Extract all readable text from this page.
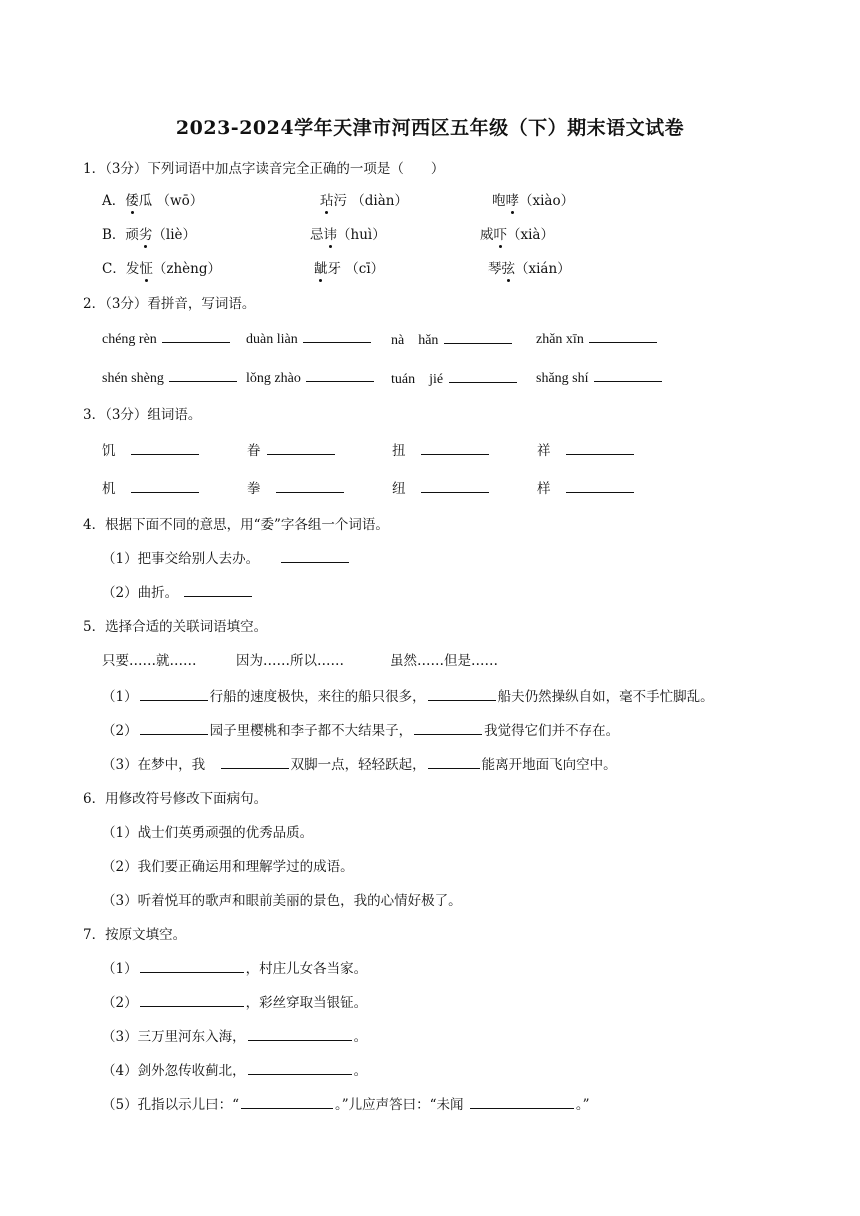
2023-2024学年天津市河西区五年级（下）期末语文试卷
1．（3分）下列词语中加点字读音完全正确的一项是（　　）
A．倭瓜 （wō）	玷污 （diàn）	咆哮（xiào）
B．顽劣（liè）	忌讳（huì）	威吓（xià）
C．发怔（zhèng）	龇牙 （cī）	琴弦（xián）
2．（3分）看拼音，写词语。
chéng rèn	duàn liàn	nà　hǎn	zhǎn xīn
shén shèng	lǒng zhào	tuán　jié	shǎng shí
3．（3分）组词语。
饥　	眷	扭　	祥　
机　	拳　	纽　	样　
4．根据下面不同的意思，用“委”字各组一个词语。
（1）把事交给别人去办。　　
（2）曲折。
5．选择合适的关联词语填空。
只要……就……	因为……所以……	虽然……但是……
（1）	行船的速度极快，来往的船只很多，	船夫仍然操纵自如，毫不手忙脚乱。
（2）	园子里樱桃和李子都不大结果子，	我觉得它们并不存在。
（3）在梦中，我　	双脚一点，轻轻跃起，	能离开地面飞向空中。
6．用修改符号修改下面病句。
（1）战士们英勇顽强的优秀品质。
（2）我们要正确运用和理解学过的成语。
（3）听着悦耳的歌声和眼前美丽的景色，我的心情好极了。
7．按原文填空。
（1）	，村庄儿女各当家。
（2）	，彩丝穿取当银钲。
（3）三万里河东入海，	。
（4）剑外忽传收蓟北，	。
（5）孔指以示儿曰：“	。”儿应声答曰：“未闻	。”
